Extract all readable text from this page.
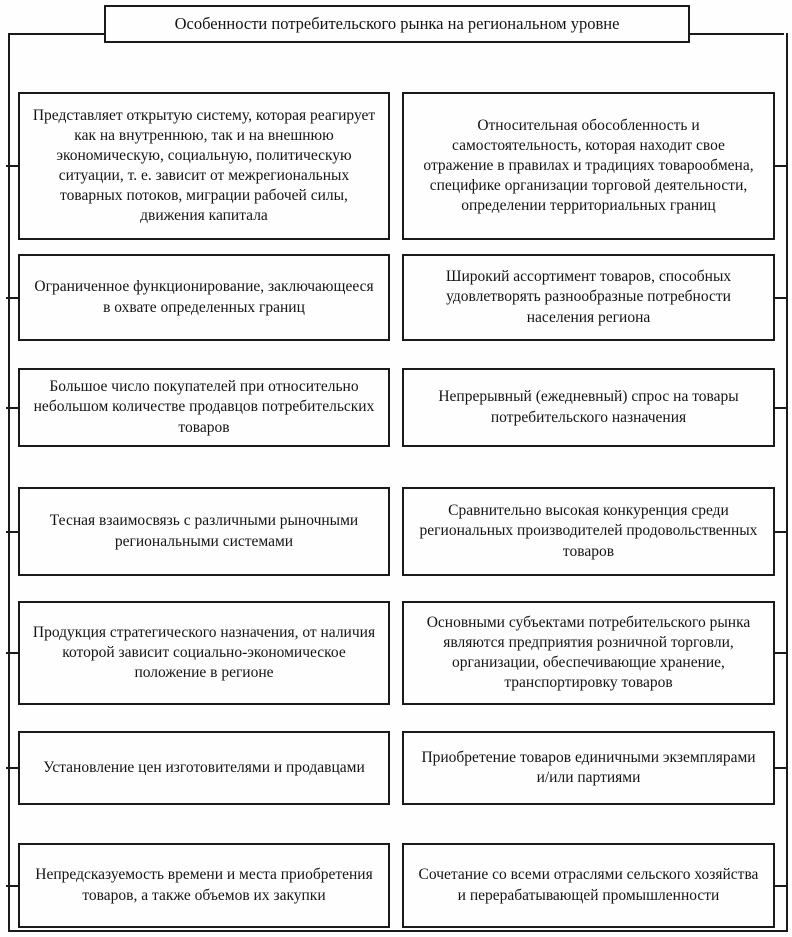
Особенности потребительского рынка на региональном уровне
Представляет открытую систему, которая реагирует как на внутреннюю, так и на внешнюю экономическую, социальную, политическую ситуации, т. е. зависит от межрегиональных товарных потоков, миграции рабочей силы, движения капитала
Относительная обособленность и самостоятельность, которая находит свое отражение в правилах и традициях товарообмена, специфике организации торговой деятельности, определении территориальных границ
Ограниченное функционирование, заключающееся в охвате определенных границ
Широкий ассортимент товаров, способных удовлетворять разнообразные потребности населения региона
Большое число покупателей при относительно небольшом количестве продавцов потребительских товаров
Непрерывный (ежедневный) спрос на товары потребительского назначения
Тесная взаимосвязь с различными рыночными региональными системами
Сравнительно высокая конкуренция среди региональных производителей продовольственных товаров
Продукция стратегического назначения, от наличия которой зависит социально-экономическое положение в регионе
Основными субъектами потребительского рынка являются предприятия розничной торговли, организации, обеспечивающие хранение, транспортировку товаров
Установление цен изготовителями и продавцами
Приобретение товаров единичными экземплярами и/или партиями
Непредсказуемость времени и места приобретения товаров, а также объемов их закупки
Сочетание со всеми отраслями сельского хозяйства и перерабатывающей промышленности
